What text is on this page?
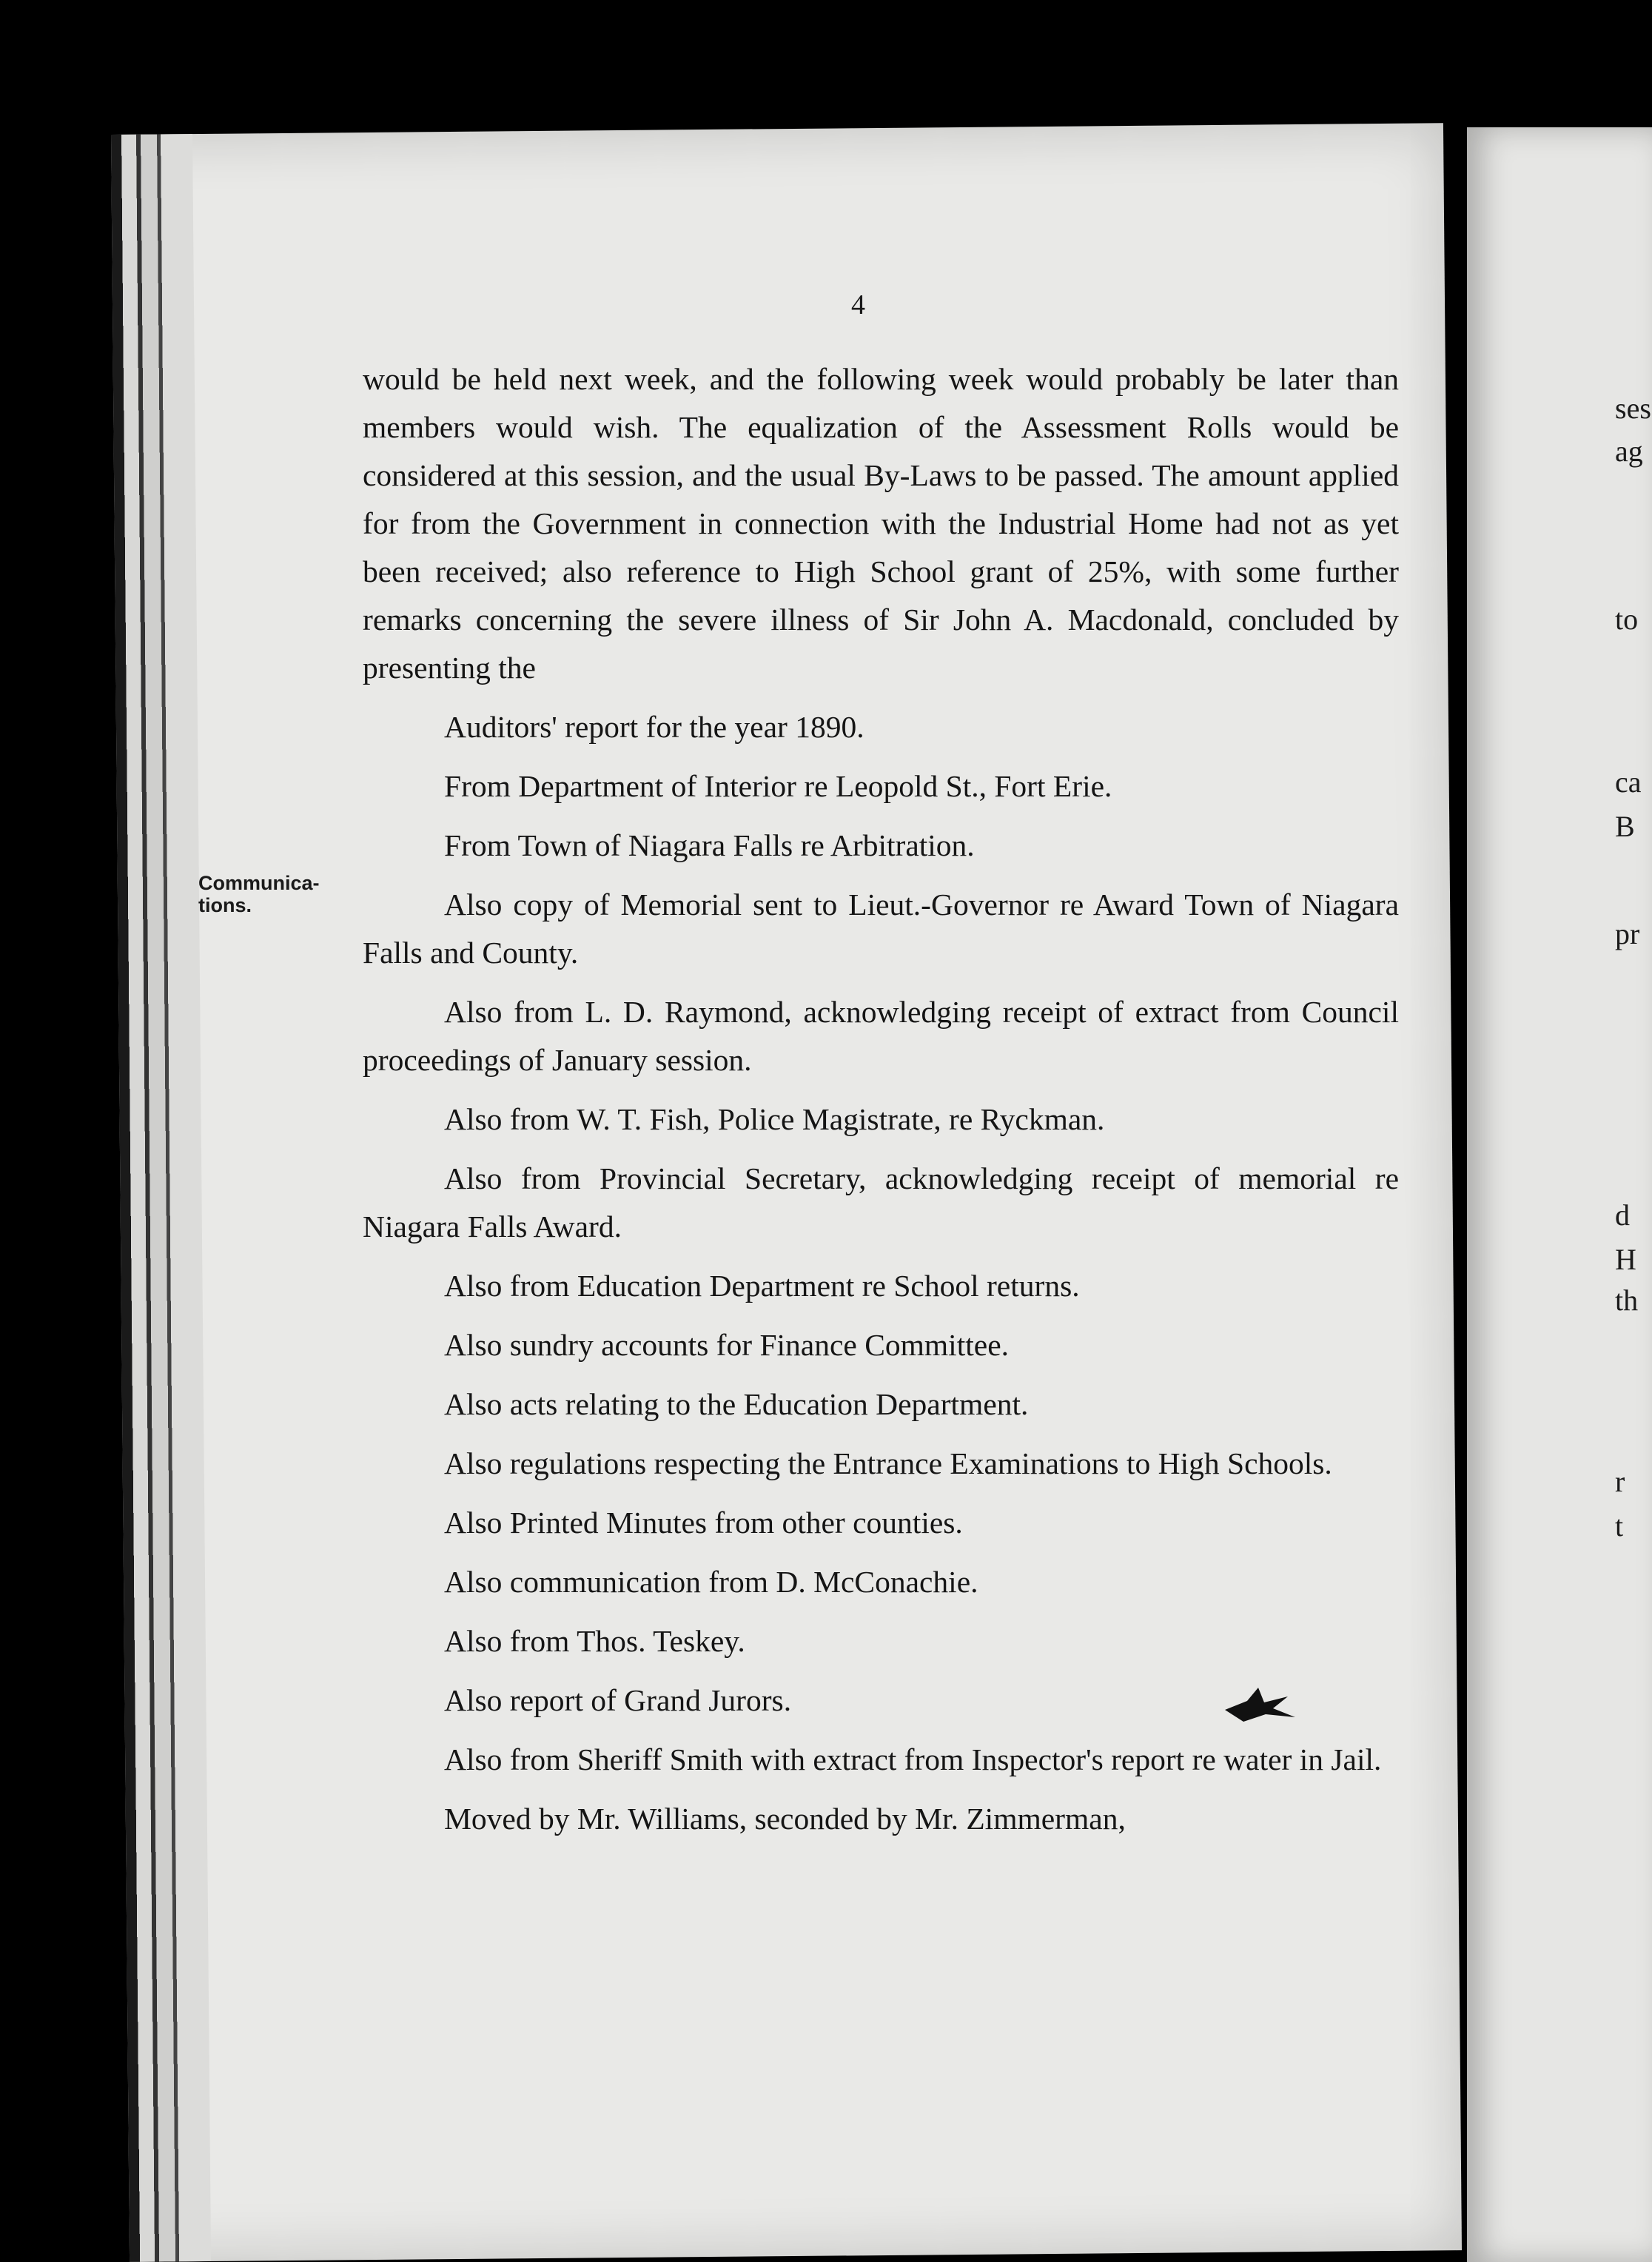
ses
ag
to
ca
B
pr
d
H
th
r
t
4
Communica-
tions.

would be held next week, and the following week would probably be later than members would wish. The equalization of the Assessment Rolls would be considered at this session, and the usual By-Laws to be passed. The amount applied for from the Government in connection with the Industrial Home had not as yet been received; also reference to High School grant of 25%, with some further remarks concerning the severe illness of Sir John A. Macdonald, concluded by presenting the

Auditors' report for the year 1890.

From Department of Interior re Leopold St., Fort Erie.

From Town of Niagara Falls re Arbitration.

Also copy of Memorial sent to Lieut.-Governor re Award Town of Niagara Falls and County.

Also from L. D. Raymond, acknowledging receipt of extract from Council proceedings of January session.

Also from W. T. Fish, Police Magistrate, re Ryckman.

Also from Provincial Secretary, acknowledging receipt of memorial re Niagara Falls Award.

Also from Education Department re School returns.

Also sundry accounts for Finance Committee.

Also acts relating to the Education Department.

Also regulations respecting the Entrance Examinations to High Schools.

Also Printed Minutes from other counties.

Also communication from D. McConachie.

Also from Thos. Teskey.

Also report of Grand Jurors.

Also from Sheriff Smith with extract from Inspector's report re water in Jail.

Moved by Mr. Williams, seconded by Mr. Zimmerman,
